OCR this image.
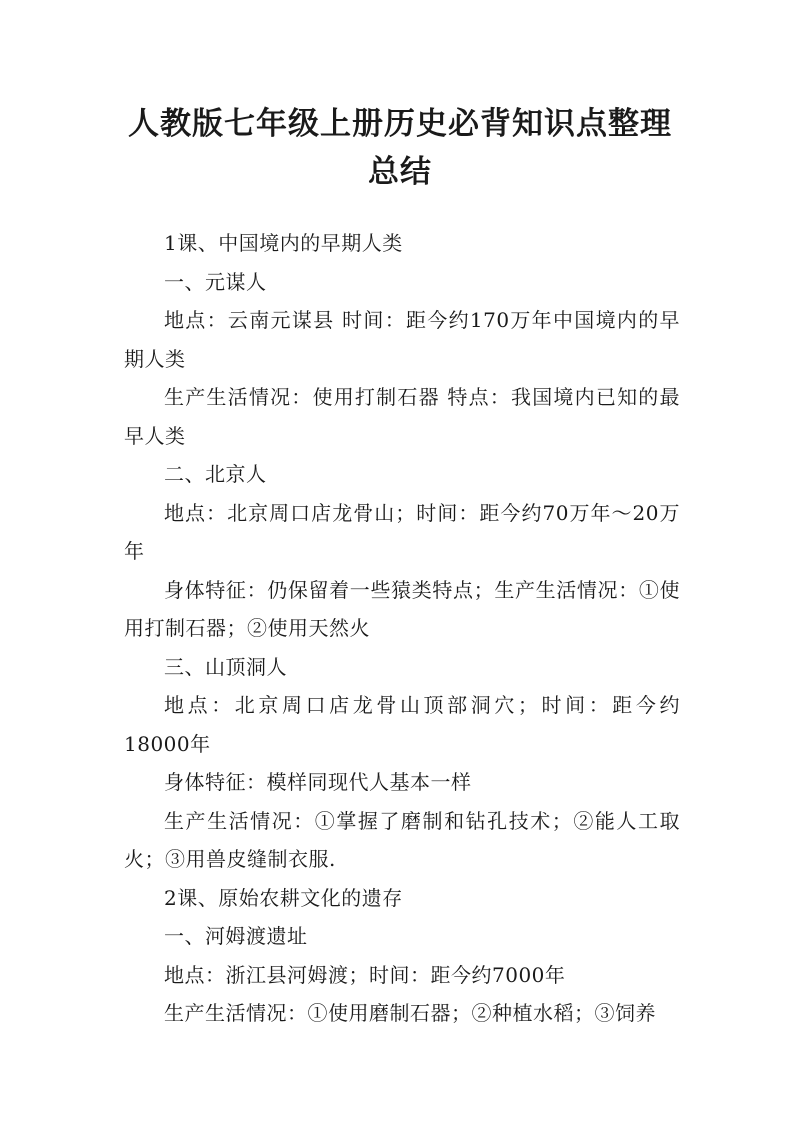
人教版七年级上册历史必背知识点整理总结

1课、中国境内的早期人类

一、元谋人

地点：云南元谋县 时间：距今约170万年中国境内的早期人类

生产生活情况：使用打制石器 特点：我国境内已知的最早人类

二、北京人

地点：北京周口店龙骨山；时间：距今约70万年～20万年

身体特征：仍保留着一些猿类特点；生产生活情况：①使用打制石器；②使用天然火

三、山顶洞人

地点：北京周口店龙骨山顶部洞穴；时间：距今约18000年

身体特征：模样同现代人基本一样

生产生活情况：①掌握了磨制和钻孔技术；②能人工取火；③用兽皮缝制衣服.

2课、原始农耕文化的遗存

一、河姆渡遗址

地点：浙江县河姆渡；时间：距今约7000年

生产生活情况：①使用磨制石器；②种植水稻；③饲养
